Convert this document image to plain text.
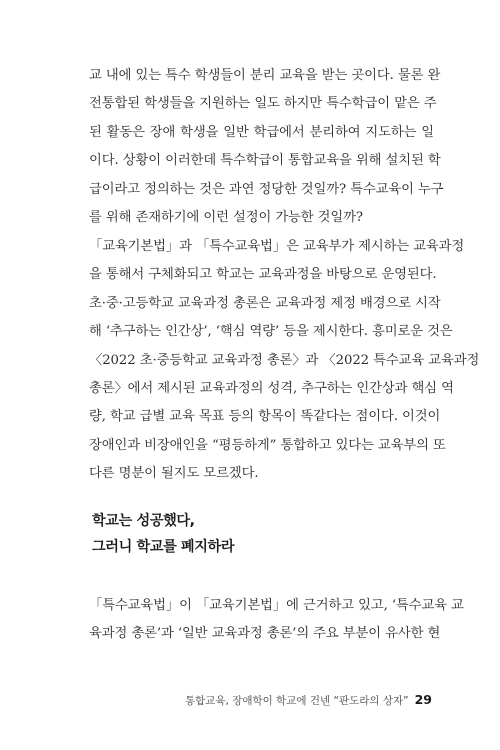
교 내에 있는 특수 학생들이 분리 교육을 받는 곳이다. 물론 완
전통합된 학생들을 지원하는 일도 하지만 특수학급이 맡은 주
된 활동은 장애 학생을 일반 학급에서 분리하여 지도하는 일
이다. 상황이 이러한데 특수학급이 통합교육을 위해 설치된 학
급이라고 정의하는 것은 과연 정당한 것일까? 특수교육이 누구
를 위해 존재하기에 이런 설정이 가능한 것일까?
「교육기본법」과 「특수교육법」은 교육부가 제시하는 교육과정
을 통해서 구체화되고 학교는 교육과정을 바탕으로 운영된다.
초·중·고등학교 교육과정 총론은 교육과정 제정 배경으로 시작
해 ‘추구하는 인간상’, ‘핵심 역량’ 등을 제시한다. 흥미로운 것은
〈2022 초·중등학교 교육과정 총론〉과 〈2022 특수교육 교육과정
총론〉에서 제시된 교육과정의 성격, 추구하는 인간상과 핵심 역
량, 학교 급별 교육 목표 등의 항목이 똑같다는 점이다. 이것이
장애인과 비장애인을 “평등하게” 통합하고 있다는 교육부의 또
다른 명분이 될지도 모르겠다.
학교는 성공했다,
그러니 학교를 폐지하라
「특수교육법」이 「교육기본법」에 근거하고 있고, ‘특수교육 교
육과정 총론’과 ‘일반 교육과정 총론’의 주요 부분이 유사한 현
통합교육, 장애학이 학교에 건넨 “판도라의 상자” 29
